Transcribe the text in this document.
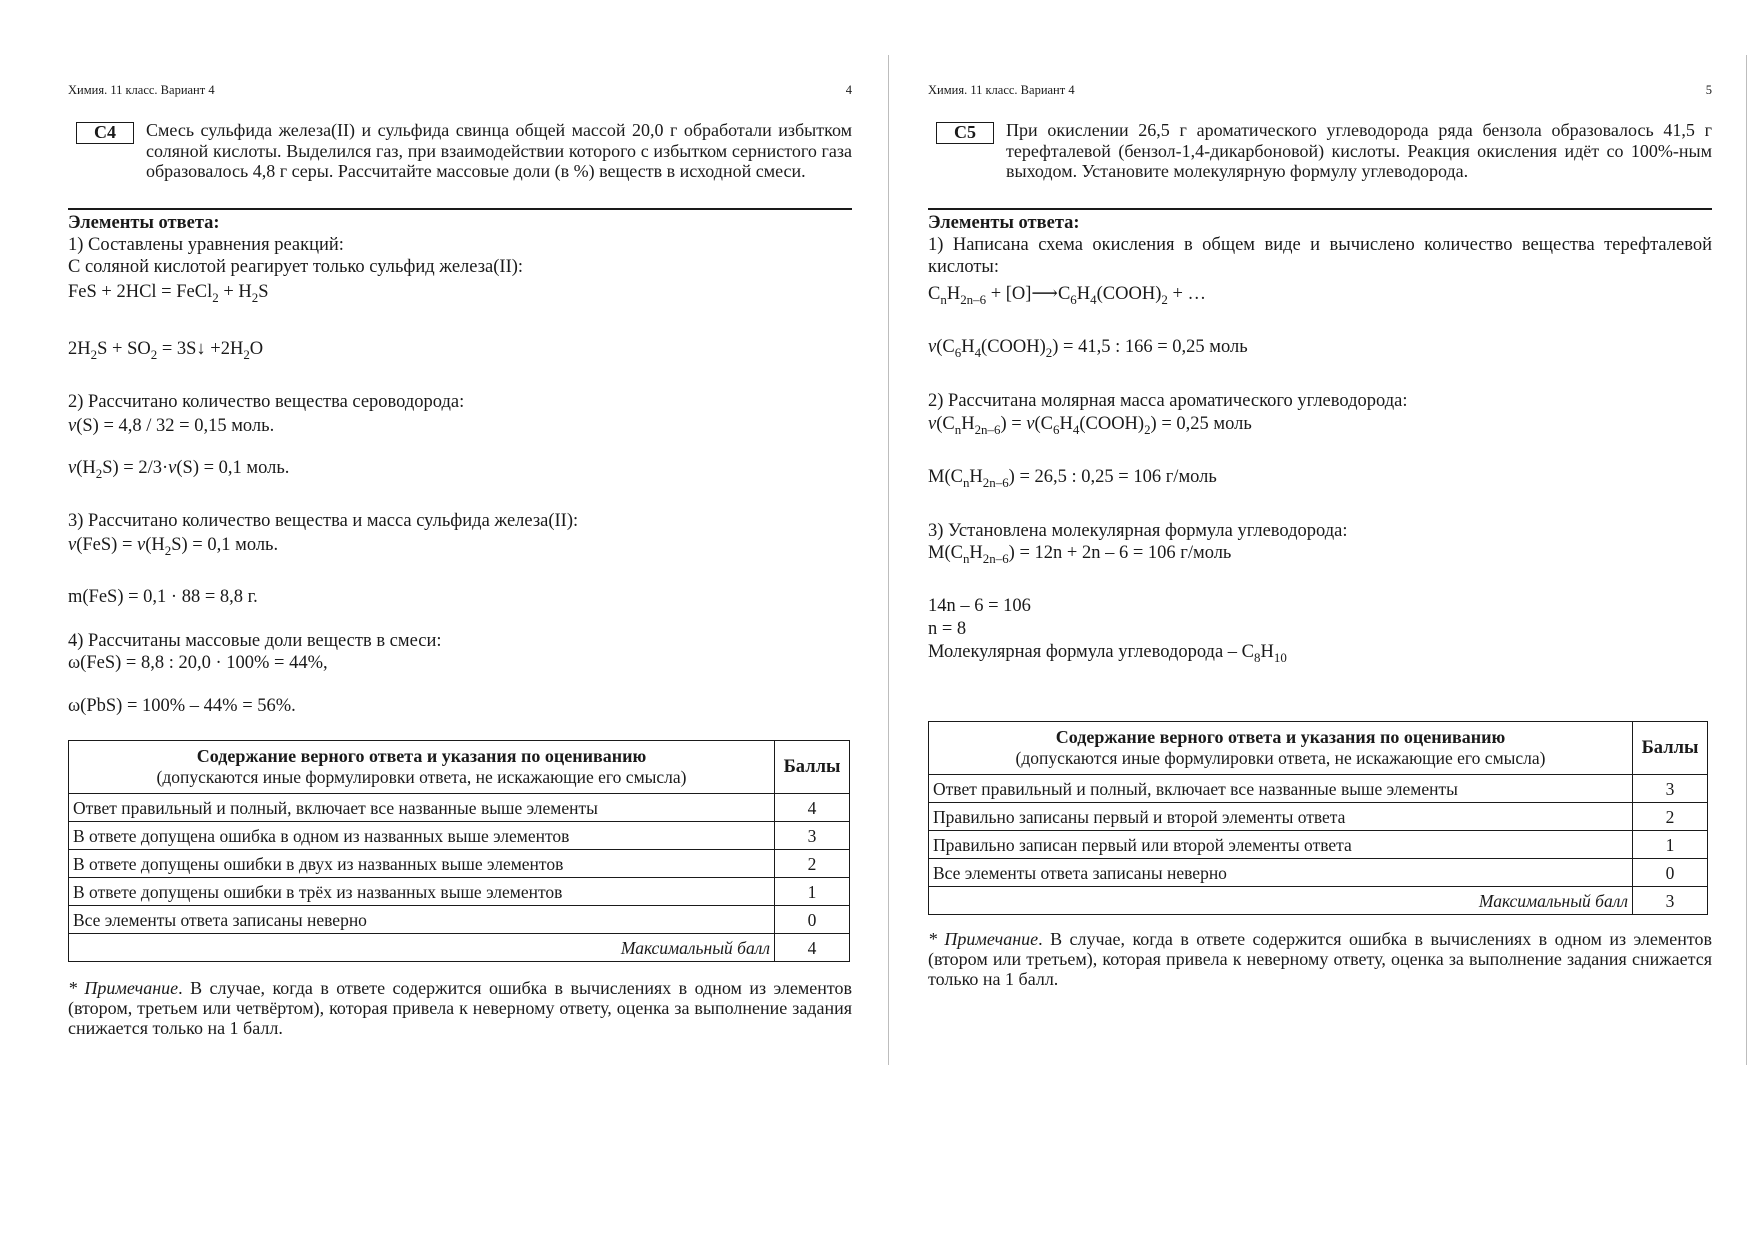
Химия. 11 класс. Вариант 4	4
C4	Смесь сульфида железа(II) и сульфида свинца общей массой 20,0 г обработали избытком соляной кислоты. Выделился газ, при взаимодействии которого с избытком сернистого газа образовалось 4,8 г серы. Рассчитайте массовые доли (в %) веществ в исходной смеси.
Элементы ответа:
1) Составлены уравнения реакций:
С соляной кислотой реагирует только сульфид железа(II):
FeS + 2HCl = FeCl$_2$ + $H_2S$
$2H_2S + SO_2$ = 3S↓ $+2H_2O$
2) Рассчитано количество вещества сероводорода:
ν(S) = 4,8 / 32 = 0,15 моль.
$\nu(H_2S) = 2/3\cdot\nu(S) = 0,1$ моль.
3) Рассчитано количество вещества и масса сульфида железа(II):
$\nu(FeS) = \nu(H_2S) = 0,1$ моль.
m(FeS) = 0,1 · 88 = 8,8 г.
4) Рассчитаны массовые доли веществ в смеси:
ω(FeS) = 8,8 : 20,0 · 100% = 44%,
ω(PbS) = 100% – 44% = 56%.
Содержание верного ответа и указания по оцениванию
(допускаются иные формулировки ответа, не искажающие его смысла)	Баллы
Ответ правильный и полный, включает все названные выше элементы	4
В ответе допущена ошибка в одном из названных выше элементов	3
В ответе допущены ошибки в двух из названных выше элементов	2
В ответе допущены ошибки в трёх из названных выше элементов	1
Все элементы ответа записаны неверно	0
Максимальный балл	4
* Примечание. В случае, когда в ответе содержится ошибка в вычислениях в одном из элементов (втором, третьем или четвёртом), которая привела к неверному ответу, оценка за выполнение задания снижается только на 1 балл.
Химия. 11 класс. Вариант 4	5
C5	При окислении 26,5 г ароматического углеводорода ряда бензола образовалось 41,5 г терефталевой (бензол-1,4-дикарбоновой) кислоты. Реакция окисления идёт со 100%-ным выходом. Установите молекулярную формулу углеводорода.
Элементы ответа:
1) Написана схема окисления в общем виде и вычислено количество вещества терефталевой кислоты:
$C_nH_{2n-6}$ + $[O]⟶C_6H_4(COOH)_2$ + …
$\nu(C_6H_4(COOH)_2) = 41,5$ : 166 = 0,25 моль
2) Рассчитана молярная масса ароматического углеводорода:
$\nu(C_nH_{2n-6})$ = $\nu(C_6H_4(COOH)_2) = 0,25$ моль
$M(C_nH_{2n-6}) = 26,5$ : 0,25 = 106 г/моль
3) Установлена молекулярная формула углеводорода:
$M(C_nH_{2n-6}) = 12n + 2n - 6 = 106$ г/моль
14n – 6 = 106
n = 8
Молекулярная формула углеводорода – $C_8H_{10}$
Содержание верного ответа и указания по оцениванию
(допускаются иные формулировки ответа, не искажающие его смысла)	Баллы
Ответ правильный и полный, включает все названные выше элементы	3
Правильно записаны первый и второй элементы ответа	2
Правильно записан первый или второй элементы ответа	1
Все элементы ответа записаны неверно	0
Максимальный балл	3
* Примечание. В случае, когда в ответе содержится ошибка в вычислениях в одном из элементов (втором или третьем), которая привела к неверному ответу, оценка за выполнение задания снижается только на 1 балл.
